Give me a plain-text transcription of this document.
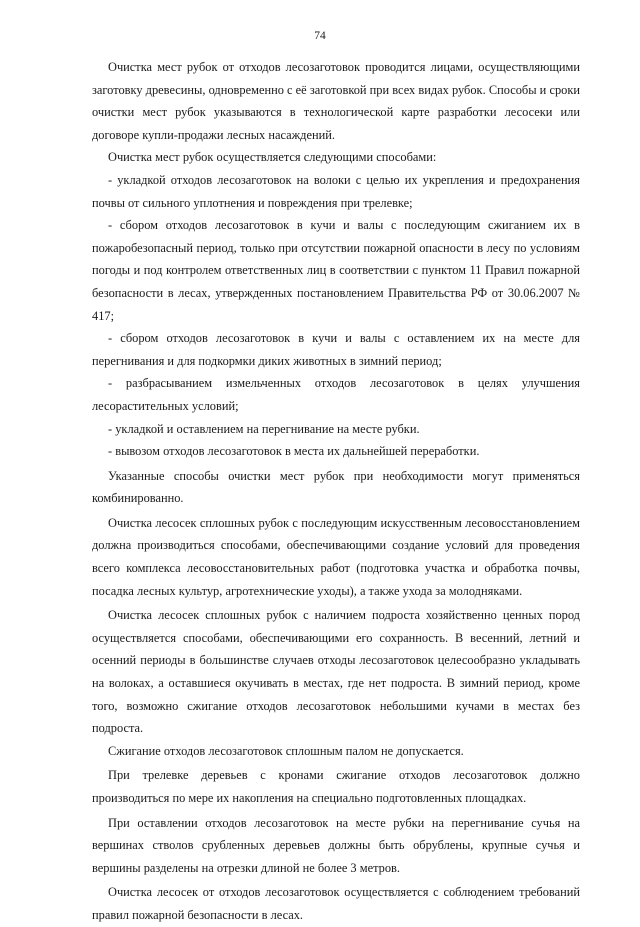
74

Очистка мест рубок от отходов лесозаготовок проводится лицами, осуществляющими заготовку древесины, одновременно с её заготовкой при всех видах рубок. Способы и сроки очистки мест рубок указываются в технологической карте разработки лесосеки или договоре купли-продажи лесных насаждений.

Очистка мест рубок осуществляется следующими способами:

- укладкой отходов лесозаготовок на волоки с целью их укрепления и предохранения почвы от сильного уплотнения и повреждения при трелевке;

- сбором отходов лесозаготовок в кучи и валы с последующим сжиганием их в пожаробезопасный период, только при отсутствии пожарной опасности в лесу по условиям погоды и под контролем ответственных лиц в соответствии с пунктом 11 Правил пожарной безопасности в лесах, утвержденных постановлением Правительства РФ от 30.06.2007 № 417;

- сбором отходов лесозаготовок в кучи и валы с оставлением их на месте для перегнивания и для подкормки диких животных в зимний период;

- разбрасыванием измельченных отходов лесозаготовок в целях улучшения лесорастительных условий;

- укладкой и оставлением на перегнивание на месте рубки.

- вывозом отходов лесозаготовок в места их дальнейшей переработки.

Указанные способы очистки мест рубок при необходимости могут применяться комбинированно.

Очистка лесосек сплошных рубок с последующим искусственным лесовосстановлением должна производиться способами, обеспечивающими создание условий для проведения всего комплекса лесовосстановительных работ (подготовка участка и обработка почвы, посадка лесных культур, агротехнические уходы), а также ухода за молодняками.

Очистка лесосек сплошных рубок с наличием подроста хозяйственно ценных пород осуществляется способами, обеспечивающими его сохранность. В весенний, летний и осенний периоды в большинстве случаев отходы лесозаготовок целесообразно укладывать на волоках, а оставшиеся окучивать в местах, где нет подроста. В зимний период, кроме того, возможно сжигание отходов лесозаготовок небольшими кучами в местах без подроста.

Сжигание отходов лесозаготовок сплошным палом не допускается.

При трелевке деревьев с кронами сжигание отходов лесозаготовок должно производиться по мере их накопления на специально подготовленных площадках.

При оставлении отходов лесозаготовок на месте рубки на перегнивание сучья на вершинах стволов срубленных деревьев должны быть обрублены, крупные сучья и вершины разделены на отрезки длиной не более 3 метров.

Очистка лесосек от отходов лесозаготовок осуществляется с соблюдением требований правил пожарной безопасности в лесах.
